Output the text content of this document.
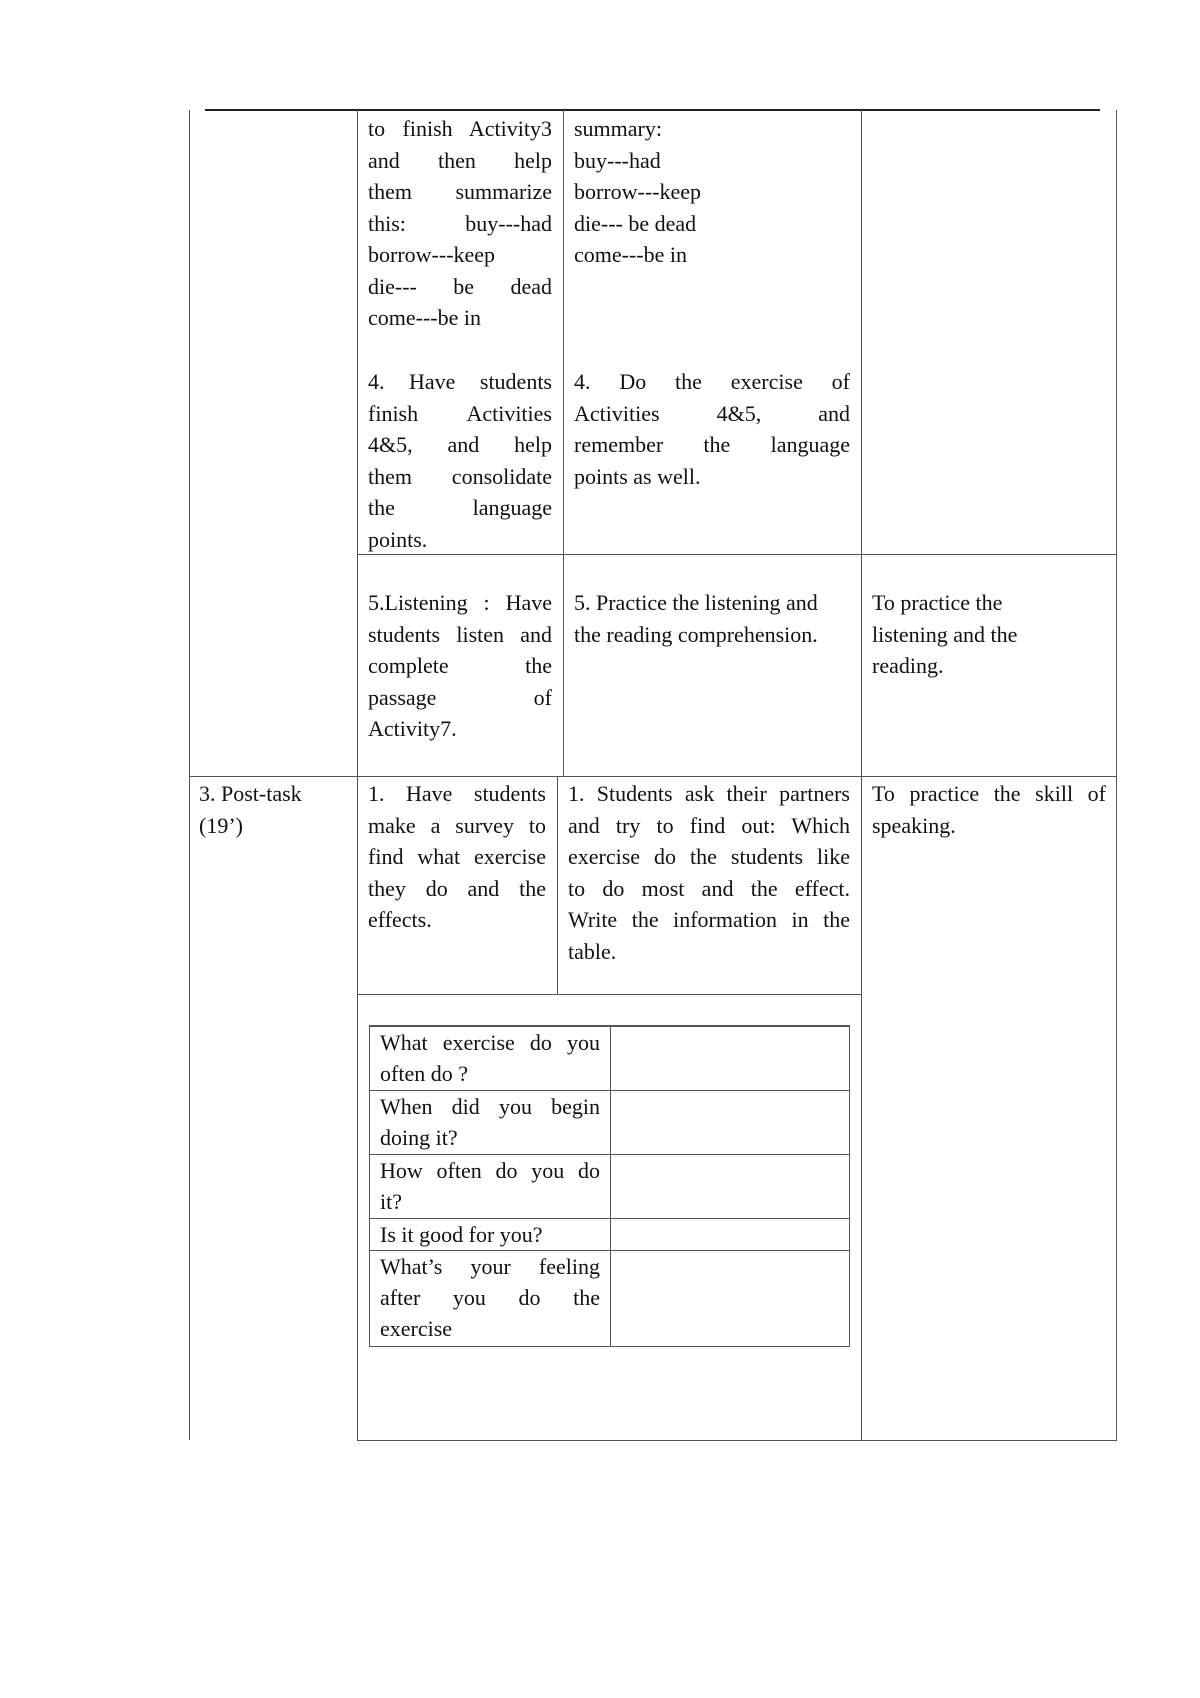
to finish Activity3
and then help
them summarize
this: buy---had
borrow---keep
die--- be dead
come---be in
summary:
buy---had
borrow---keep
die--- be dead
come---be in
4. Have students
finish Activities
4&5, and help
them consolidate
the language
points.
4. Do the exercise of
Activities 4&5, and
remember the language
points as well.
5.Listening : Have
students listen and
complete the
passage of
Activity7.
5. Practice the listening and
the reading comprehension.
To practice the
listening and the
reading.
3. Post-task
(19’)
1. Have students
make a survey to
find what exercise
they do and the
effects.
1. Students ask their partners
and try to find out: Which
exercise do the students like
to do most and the effect.
Write the information in the
table.
To practice the skill of
speaking.
What exercise do you
often do ?
When did you begin
doing it?
How often do you do
it?
Is it good for you?
What’s your feeling
after you do the
exercise
